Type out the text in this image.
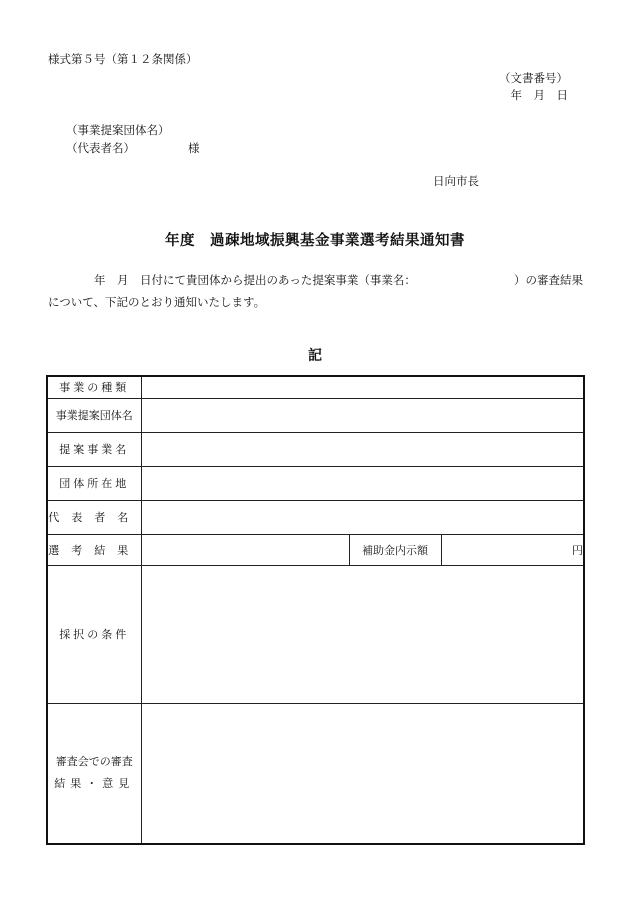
様式第５号（第１２条関係）
（文書番号）
年　月　日
（事業提案団体名）
（代表者名）	様
日向市長
年度　過疎地域振興基金事業選考結果通知書
年　月　日付にて貴団体から提出のあった提案事業（事業名：	）の審査結果
について、下記のとおり通知いたします。
記
事業の種類			
事業提案団体名			
提案事業名			
団体所在地			
代表者名			
選考結果		補助金内示額	円
採択の条件			

審査会での審査
結果・意見			
